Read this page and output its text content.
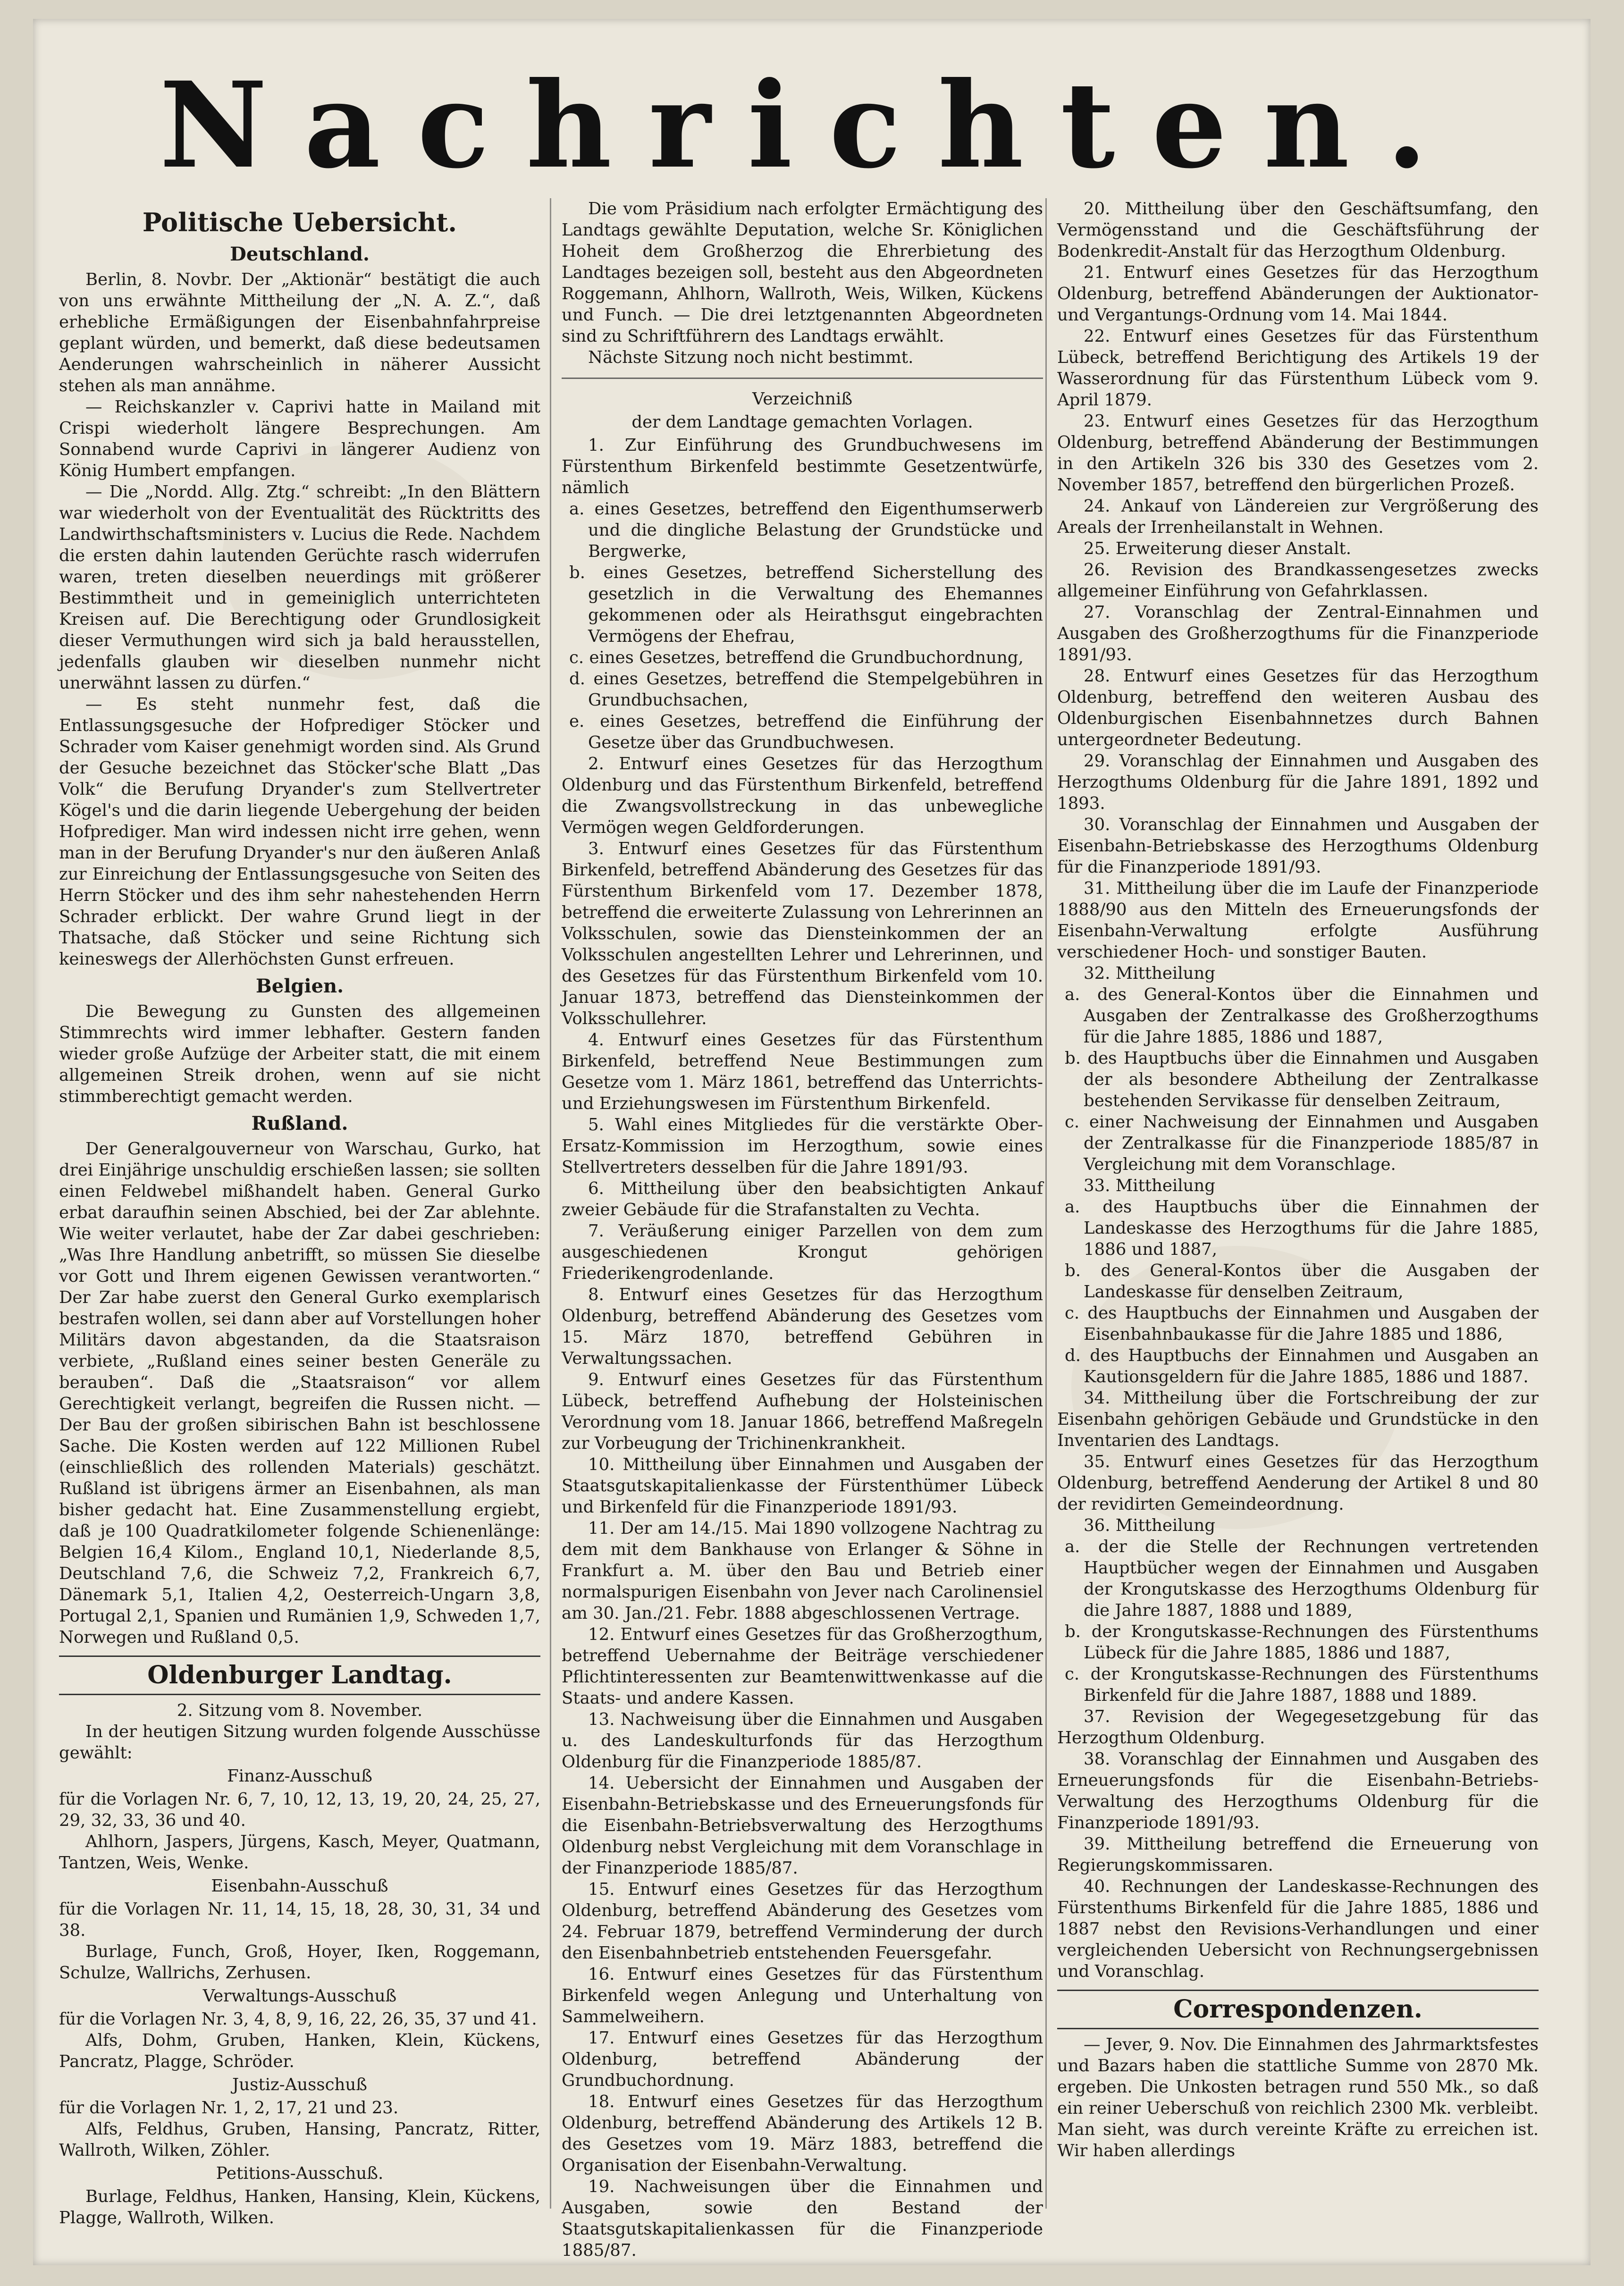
Nachrichten.
Politische Uebersicht.
Deutschland.

Berlin, 8. Novbr. Der „Aktionär“ bestätigt die auch von uns erwähnte Mittheilung der „N. A. Z.“, daß erhebliche Ermäßigungen der Eisenbahnfahrpreise geplant würden, und bemerkt, daß diese bedeutsamen Aenderungen wahrscheinlich in näherer Aussicht stehen als man annähme.

— Reichskanzler v. Caprivi hatte in Mailand mit Crispi wiederholt längere Besprechungen. Am Sonnabend wurde Caprivi in längerer Audienz von König Humbert empfangen.

— Die „Nordd. Allg. Ztg.“ schreibt: „In den Blättern war wiederholt von der Eventualität des Rücktritts des Landwirthschaftsministers v. Lucius die Rede. Nachdem die ersten dahin lautenden Gerüchte rasch widerrufen waren, treten dieselben neuerdings mit größerer Bestimmtheit und in gemeiniglich unterrichteten Kreisen auf. Die Berechtigung oder Grundlosigkeit dieser Vermuthungen wird sich ja bald herausstellen, jedenfalls glauben wir dieselben nunmehr nicht unerwähnt lassen zu dürfen.“

— Es steht nunmehr fest, daß die Entlassungsgesuche der Hofprediger Stöcker und Schrader vom Kaiser genehmigt worden sind. Als Grund der Gesuche bezeichnet das Stöcker'sche Blatt „Das Volk“ die Berufung Dryander's zum Stellvertreter Kögel's und die darin liegende Uebergehung der beiden Hofprediger. Man wird indessen nicht irre gehen, wenn man in der Berufung Dryander's nur den äußeren Anlaß zur Einreichung der Entlassungsgesuche von Seiten des Herrn Stöcker und des ihm sehr nahestehenden Herrn Schrader erblickt. Der wahre Grund liegt in der Thatsache, daß Stöcker und seine Richtung sich keineswegs der Allerhöchsten Gunst erfreuen.

Belgien.

Die Bewegung zu Gunsten des allgemeinen Stimmrechts wird immer lebhafter. Gestern fanden wieder große Aufzüge der Arbeiter statt, die mit einem allgemeinen Streik drohen, wenn auf sie nicht stimmberechtigt gemacht werden.

Rußland.

Der Generalgouverneur von Warschau, Gurko, hat drei Einjährige unschuldig erschießen lassen; sie sollten einen Feldwebel mißhandelt haben. General Gurko erbat daraufhin seinen Abschied, bei der Zar ablehnte. Wie weiter verlautet, habe der Zar dabei geschrieben: „Was Ihre Handlung anbetrifft, so müssen Sie dieselbe vor Gott und Ihrem eigenen Gewissen verantworten.“ Der Zar habe zuerst den General Gurko exemplarisch bestrafen wollen, sei dann aber auf Vorstellungen hoher Militärs davon abgestanden, da die Staatsraison verbiete, „Rußland eines seiner besten Generäle zu berauben“. Daß die „Staatsraison“ vor allem Gerechtigkeit verlangt, begreifen die Russen nicht. — Der Bau der großen sibirischen Bahn ist beschlossene Sache. Die Kosten werden auf 122 Millionen Rubel (einschließlich des rollenden Materials) geschätzt. Rußland ist übrigens ärmer an Eisenbahnen, als man bisher gedacht hat. Eine Zusammenstellung ergiebt, daß je 100 Quadratkilometer folgende Schienenlänge: Belgien 16,4 Kilom., England 10,1, Niederlande 8,5, Deutschland 7,6, die Schweiz 7,2, Frankreich 6,7, Dänemark 5,1, Italien 4,2, Oesterreich-Ungarn 3,8, Portugal 2,1, Spanien und Rumänien 1,9, Schweden 1,7, Norwegen und Rußland 0,5.

Oldenburger Landtag.

2. Sitzung vom 8. November.

In der heutigen Sitzung wurden folgende Ausschüsse gewählt:

Finanz-Ausschuß

für die Vorlagen Nr. 6, 7, 10, 12, 13, 19, 20, 24, 25, 27, 29, 32, 33, 36 und 40.

Ahlhorn, Jaspers, Jürgens, Kasch, Meyer, Quatmann, Tantzen, Weis, Wenke.

Eisenbahn-Ausschuß

für die Vorlagen Nr. 11, 14, 15, 18, 28, 30, 31, 34 und 38.

Burlage, Funch, Groß, Hoyer, Iken, Roggemann, Schulze, Wallrichs, Zerhusen.

Verwaltungs-Ausschuß

für die Vorlagen Nr. 3, 4, 8, 9, 16, 22, 26, 35, 37 und 41.

Alfs, Dohm, Gruben, Hanken, Klein, Kückens, Pancratz, Plagge, Schröder.

Justiz-Ausschuß

für die Vorlagen Nr. 1, 2, 17, 21 und 23.

Alfs, Feldhus, Gruben, Hansing, Pancratz, Ritter, Wallroth, Wilken, Zöhler.

Petitions-Ausschuß.

Burlage, Feldhus, Hanken, Hansing, Klein, Kückens, Plagge, Wallroth, Wilken.

Die vom Präsidium nach erfolgter Ermächtigung des Landtags gewählte Deputation, welche Sr. Königlichen Hoheit dem Großherzog die Ehrerbietung des Landtages bezeigen soll, besteht aus den Abgeordneten Roggemann, Ahlhorn, Wallroth, Weis, Wilken, Kückens und Funch. — Die drei letztgenannten Abgeordneten sind zu Schriftführern des Landtags erwählt.

Nächste Sitzung noch nicht bestimmt.

Verzeichniß
der dem Landtage gemachten Vorlagen.

1. Zur Einführung des Grundbuchwesens im Fürstenthum Birkenfeld bestimmte Gesetzentwürfe, nämlich

a. eines Gesetzes, betreffend den Eigenthumserwerb und die dingliche Belastung der Grundstücke und Bergwerke,

b. eines Gesetzes, betreffend Sicherstellung des gesetzlich in die Verwaltung des Ehemannes gekommenen oder als Heirathsgut eingebrachten Vermögens der Ehefrau,

c. eines Gesetzes, betreffend die Grundbuchordnung,

d. eines Gesetzes, betreffend die Stempelgebühren in Grundbuchsachen,

e. eines Gesetzes, betreffend die Einführung der Gesetze über das Grundbuchwesen.

2. Entwurf eines Gesetzes für das Herzogthum Oldenburg und das Fürstenthum Birkenfeld, betreffend die Zwangsvollstreckung in das unbewegliche Vermögen wegen Geldforderungen.

3. Entwurf eines Gesetzes für das Fürstenthum Birkenfeld, betreffend Abänderung des Gesetzes für das Fürstenthum Birkenfeld vom 17. Dezember 1878, betreffend die erweiterte Zulassung von Lehrerinnen an Volksschulen, sowie das Diensteinkommen der an Volksschulen angestellten Lehrer und Lehrerinnen, und des Gesetzes für das Fürstenthum Birkenfeld vom 10. Januar 1873, betreffend das Diensteinkommen der Volksschullehrer.

4. Entwurf eines Gesetzes für das Fürstenthum Birkenfeld, betreffend Neue Bestimmungen zum Gesetze vom 1. März 1861, betreffend das Unterrichts- und Erziehungswesen im Fürstenthum Birkenfeld.

5. Wahl eines Mitgliedes für die verstärkte Ober-Ersatz-Kommission im Herzogthum, sowie eines Stellvertreters desselben für die Jahre 1891/93.

6. Mittheilung über den beabsichtigten Ankauf zweier Gebäude für die Strafanstalten zu Vechta.

7. Veräußerung einiger Parzellen von dem zum ausgeschiedenen Krongut gehörigen Friederikengrodenlande.

8. Entwurf eines Gesetzes für das Herzogthum Oldenburg, betreffend Abänderung des Gesetzes vom 15. März 1870, betreffend Gebühren in Verwaltungssachen.

9. Entwurf eines Gesetzes für das Fürstenthum Lübeck, betreffend Aufhebung der Holsteinischen Verordnung vom 18. Januar 1866, betreffend Maßregeln zur Vorbeugung der Trichinenkrankheit.

10. Mittheilung über Einnahmen und Ausgaben der Staatsgutskapitalienkasse der Fürstenthümer Lübeck und Birkenfeld für die Finanzperiode 1891/93.

11. Der am 14./15. Mai 1890 vollzogene Nachtrag zu dem mit dem Bankhause von Erlanger & Söhne in Frankfurt a. M. über den Bau und Betrieb einer normalspurigen Eisenbahn von Jever nach Carolinensiel am 30. Jan./21. Febr. 1888 abgeschlossenen Vertrage.

12. Entwurf eines Gesetzes für das Großherzogthum, betreffend Uebernahme der Beiträge verschiedener Pflichtinteressenten zur Beamtenwittwenkasse auf die Staats- und andere Kassen.

13. Nachweisung über die Einnahmen und Ausgaben u. des Landeskulturfonds für das Herzogthum Oldenburg für die Finanzperiode 1885/87.

14. Uebersicht der Einnahmen und Ausgaben der Eisenbahn-Betriebskasse und des Erneuerungsfonds für die Eisenbahn-Betriebsverwaltung des Herzogthums Oldenburg nebst Vergleichung mit dem Voranschlage in der Finanzperiode 1885/87.

15. Entwurf eines Gesetzes für das Herzogthum Oldenburg, betreffend Abänderung des Gesetzes vom 24. Februar 1879, betreffend Verminderung der durch den Eisenbahnbetrieb entstehenden Feuersgefahr.

16. Entwurf eines Gesetzes für das Fürstenthum Birkenfeld wegen Anlegung und Unterhaltung von Sammelweihern.

17. Entwurf eines Gesetzes für das Herzogthum Oldenburg, betreffend Abänderung der Grundbuchordnung.

18. Entwurf eines Gesetzes für das Herzogthum Oldenburg, betreffend Abänderung des Artikels 12 B. des Gesetzes vom 19. März 1883, betreffend die Organisation der Eisenbahn-Verwaltung.

19. Nachweisungen über die Einnahmen und Ausgaben, sowie den Bestand der Staatsgutskapitalienkassen für die Finanzperiode 1885/87.

20. Mittheilung über den Geschäftsumfang, den Vermögensstand und die Geschäftsführung der Bodenkredit-Anstalt für das Herzogthum Oldenburg.

21. Entwurf eines Gesetzes für das Herzogthum Oldenburg, betreffend Abänderungen der Auktionator- und Vergantungs-Ordnung vom 14. Mai 1844.

22. Entwurf eines Gesetzes für das Fürstenthum Lübeck, betreffend Berichtigung des Artikels 19 der Wasserordnung für das Fürstenthum Lübeck vom 9. April 1879.

23. Entwurf eines Gesetzes für das Herzogthum Oldenburg, betreffend Abänderung der Bestimmungen in den Artikeln 326 bis 330 des Gesetzes vom 2. November 1857, betreffend den bürgerlichen Prozeß.

24. Ankauf von Ländereien zur Vergrößerung des Areals der Irrenheilanstalt in Wehnen.

25. Erweiterung dieser Anstalt.

26. Revision des Brandkassengesetzes zwecks allgemeiner Einführung von Gefahrklassen.

27. Voranschlag der Zentral-Einnahmen und Ausgaben des Großherzogthums für die Finanzperiode 1891/93.

28. Entwurf eines Gesetzes für das Herzogthum Oldenburg, betreffend den weiteren Ausbau des Oldenburgischen Eisenbahnnetzes durch Bahnen untergeordneter Bedeutung.

29. Voranschlag der Einnahmen und Ausgaben des Herzogthums Oldenburg für die Jahre 1891, 1892 und 1893.

30. Voranschlag der Einnahmen und Ausgaben der Eisenbahn-Betriebskasse des Herzogthums Oldenburg für die Finanzperiode 1891/93.

31. Mittheilung über die im Laufe der Finanzperiode 1888/90 aus den Mitteln des Erneuerungsfonds der Eisenbahn-Verwaltung erfolgte Ausführung verschiedener Hoch- und sonstiger Bauten.

32. Mittheilung

a. des General-Kontos über die Einnahmen und Ausgaben der Zentralkasse des Großherzogthums für die Jahre 1885, 1886 und 1887,

b. des Hauptbuchs über die Einnahmen und Ausgaben der als besondere Abtheilung der Zentralkasse bestehenden Servikasse für denselben Zeitraum,

c. einer Nachweisung der Einnahmen und Ausgaben der Zentralkasse für die Finanzperiode 1885/87 in Vergleichung mit dem Voranschlage.

33. Mittheilung

a. des Hauptbuchs über die Einnahmen der Landeskasse des Herzogthums für die Jahre 1885, 1886 und 1887,

b. des General-Kontos über die Ausgaben der Landeskasse für denselben Zeitraum,

c. des Hauptbuchs der Einnahmen und Ausgaben der Eisenbahnbaukasse für die Jahre 1885 und 1886,

d. des Hauptbuchs der Einnahmen und Ausgaben an Kautionsgeldern für die Jahre 1885, 1886 und 1887.

34. Mittheilung über die Fortschreibung der zur Eisenbahn gehörigen Gebäude und Grundstücke in den Inventarien des Landtags.

35. Entwurf eines Gesetzes für das Herzogthum Oldenburg, betreffend Aenderung der Artikel 8 und 80 der revidirten Gemeindeordnung.

36. Mittheilung

a. der die Stelle der Rechnungen vertretenden Hauptbücher wegen der Einnahmen und Ausgaben der Krongutskasse des Herzogthums Oldenburg für die Jahre 1887, 1888 und 1889,

b. der Krongutskasse-Rechnungen des Fürstenthums Lübeck für die Jahre 1885, 1886 und 1887,

c. der Krongutskasse-Rechnungen des Fürstenthums Birkenfeld für die Jahre 1887, 1888 und 1889.

37. Revision der Wegegesetzgebung für das Herzogthum Oldenburg.

38. Voranschlag der Einnahmen und Ausgaben des Erneuerungsfonds für die Eisenbahn-Betriebs-Verwaltung des Herzogthums Oldenburg für die Finanzperiode 1891/93.

39. Mittheilung betreffend die Erneuerung von Regierungskommissaren.

40. Rechnungen der Landeskasse-Rechnungen des Fürstenthums Birkenfeld für die Jahre 1885, 1886 und 1887 nebst den Revisions-Verhandlungen und einer vergleichenden Uebersicht von Rechnungsergebnissen und Voranschlag.

Correspondenzen.

— Jever, 9. Nov. Die Einnahmen des Jahrmarktsfestes und Bazars haben die stattliche Summe von 2870 Mk. ergeben. Die Unkosten betragen rund 550 Mk., so daß ein reiner Ueberschuß von reichlich 2300 Mk. verbleibt. Man sieht, was durch vereinte Kräfte zu erreichen ist. Wir haben allerdings
